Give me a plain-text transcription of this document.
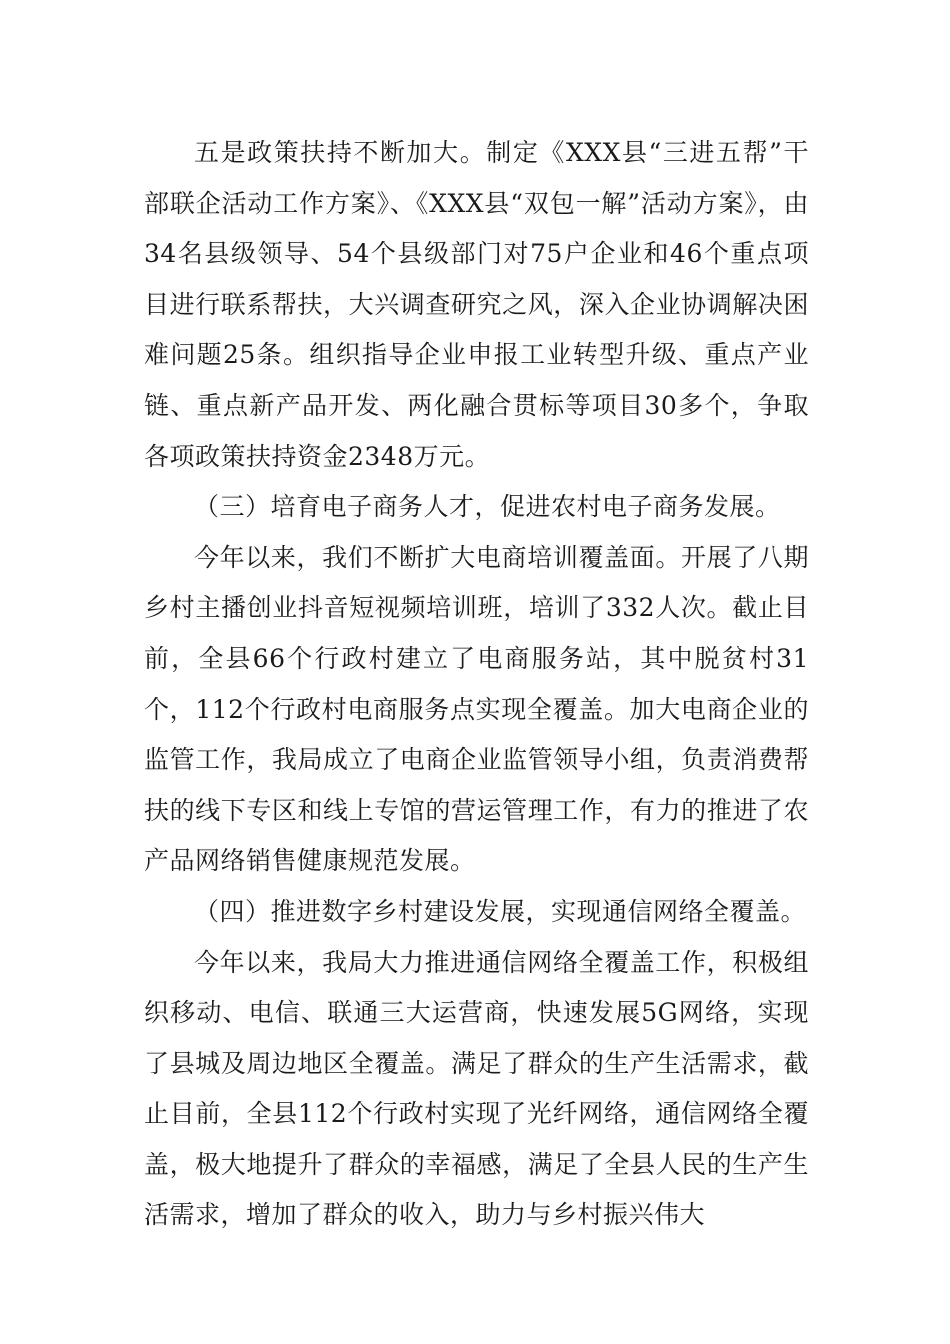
五是政策扶持不断加大。制定《XXX县“三进五帮”干部联企活动工作方案》、《XXX县“双包一解”活动方案》，由34名县级领导、54个县级部门对75户企业和46个重点项目进行联系帮扶，大兴调查研究之风，深入企业协调解决困难问题25条。组织指导企业申报工业转型升级、重点产业链、重点新产品开发、两化融合贯标等项目30多个，争取各项政策扶持资金2348万元。

（三）培育电子商务人才，促进农村电子商务发展。

今年以来，我们不断扩大电商培训覆盖面。开展了八期乡村主播创业抖音短视频培训班，培训了332人次。截止目前，全县66个行政村建立了电商服务站，其中脱贫村31个，112个行政村电商服务点实现全覆盖。加大电商企业的监管工作，我局成立了电商企业监管领导小组，负责消费帮扶的线下专区和线上专馆的营运管理工作，有力的推进了农产品网络销售健康规范发展。

（四）推进数字乡村建设发展，实现通信网络全覆盖。

今年以来，我局大力推进通信网络全覆盖工作，积极组织移动、电信、联通三大运营商，快速发展5G网络，实现了县城及周边地区全覆盖。满足了群众的生产生活需求，截止目前，全县112个行政村实现了光纤网络，通信网络全覆盖，极大地提升了群众的幸福感，满足了全县人民的生产生活需求，增加了群众的收入，助力与乡村振兴伟大
